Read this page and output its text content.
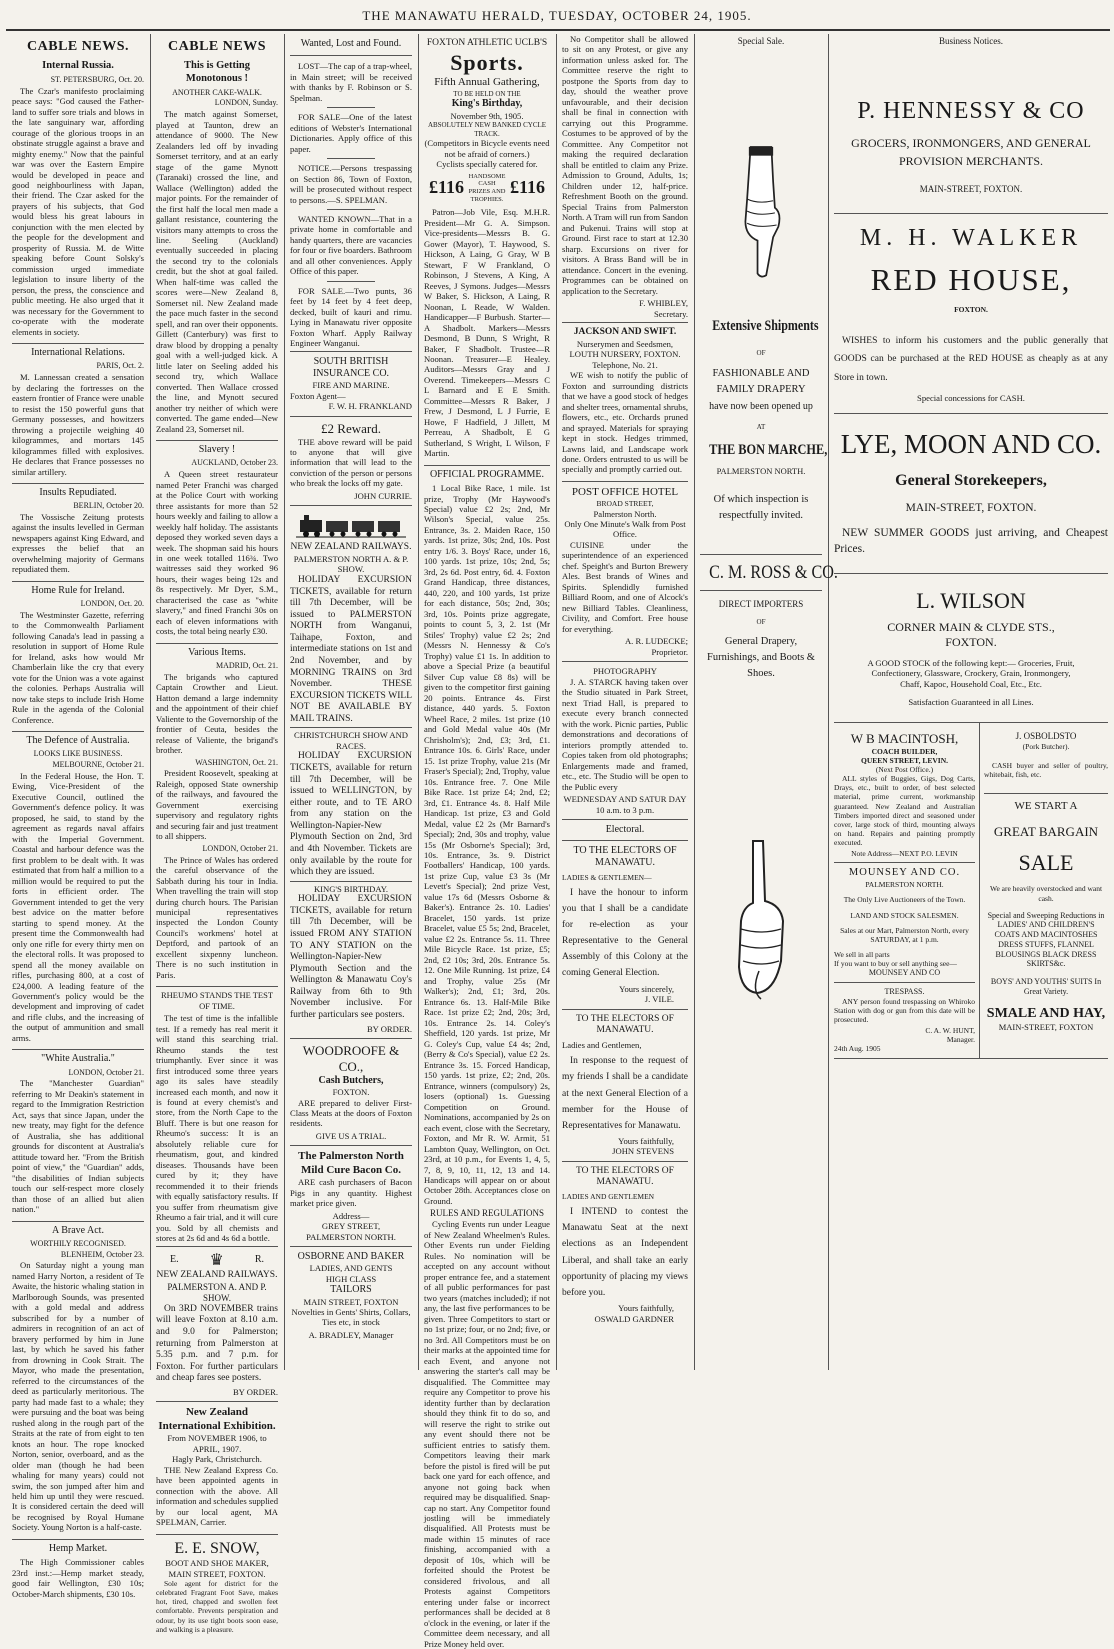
THE MANAWATU HERALD, TUESDAY, OCTOBER 24, 1905.
CABLE NEWS.
Internal Russia.
ST. PETERSBURG, Oct. 20.

The Czar's manifesto proclaiming peace says: "God caused the Father-land to suffer sore trials and blows in the late sanguinary war, affording courage of the glorious troops in an obstinate struggle against a brave and mighty enemy." Now that the painful war was over the Eastern Empire would be developed in peace and good neighbourliness with Japan, their friend. The Czar asked for the prayers of his subjects, that God would bless his great labours in conjunction with the men elected by the people for the development and prosperity of Russia. M. de Witte speaking before Count Solsky's commission urged immediate legislation to insure liberty of the person, the press, the conscience and public meeting. He also urged that it was necessary for the Government to co-operate with the moderate elements in society.

International Relations.
PARIS, Oct. 2.

M. Lannessan created a sensation by declaring the fortresses on the eastern frontier of France were unable to resist the 150 powerful guns that Germany possesses, and howitzers throwing a projectile weighing 40 kilogrammes, and mortars 145 kilogrammes filled with explosives. He declares that France possesses no similar artillery.

Insults Repudiated.
BERLIN, October 20.

The Vossische Zeitung protests against the insults levelled in German newspapers against King Edward, and expresses the belief that an overwhelming majority of Germans repudiated them.

Home Rule for Ireland.
LONDON, Oct. 20.

The Westminster Gazette, referring to the Commonwealth Parliament following Canada's lead in passing a resolution in support of Home Rule for Ireland, asks how would Mr Chamberlain like the cry that every vote for the Union was a vote against the colonies. Perhaps Australia will now take steps to include Irish Home Rule in the agenda of the Colonial Conference.

The Defence of Australia.
LOOKS LIKE BUSINESS.
MELBOURNE, October 21.

In the Federal House, the Hon. T. Ewing, Vice-President of the Executive Council, outlined the Government's defence policy. It was proposed, he said, to stand by the agreement as regards naval affairs with the Imperial Government. Coastal and harbour defence was the first problem to be dealt with. It was estimated that from half a million to a million would be required to put the forts in efficient order. The Government intended to get the very best advice on the matter before starting to spend money. At the present time the Commonwealth had only one rifle for every thirty men on the electoral rolls. It was proposed to spend all the money available on rifles, purchasing 800, at a cost of £24,000. A leading feature of the Government's policy would be the development and improving of cadet and rifle clubs, and the increasing of the output of ammunition and small arms.

"White Australia."
LONDON, October 21.

The "Manchester Guardian" referring to Mr Deakin's statement in regard to the Immigration Restriction Act, says that since Japan, under the new treaty, may fight for the defence of Australia, she has additional grounds for discontent at Australia's attitude toward her. "From the British point of view," the "Guardian" adds, "the disabilities of Indian subjects touch our self-respect more closely than those of an allied but alien nation."

A Brave Act.
WORTHILY RECOGNISED.
BLENHEIM, October 23.

On Saturday night a young man named Harry Norton, a resident of Te Awaite, the historic whaling station in Marlborough Sounds, was presented with a gold medal and address subscribed for by a number of admirers in recognition of an act of bravery performed by him in June last, by which he saved his father from drowning in Cook Strait. The Mayor, who made the presentation, referred to the circumstances of the deed as particularly meritorious. The party had made fast to a whale; they were pursuing and the boat was being rushed along in the rough part of the Straits at the rate of from eight to ten knots an hour. The rope knocked Norton, senior, overboard, and as the older man (though he had been whaling for many years) could not swim, the son jumped after him and held him up until they were rescued. It is considered certain the deed will be recognised by Royal Humane Society. Young Norton is a half-caste.

Hemp Market.

The High Commissioner cables 23rd inst.:—Hemp market steady, good fair Wellington, £30 10s; October-March shipments, £30 10s.

CABLE NEWS
This is Getting Monotonous !
ANOTHER CAKE-WALK.
LONDON, Sunday.

The match against Somerset, played at Taunton, drew an attendance of 9000. The New Zealanders led off by invading Somerset territory, and at an early stage of the game Mynott (Taranaki) crossed the line, and Wallace (Wellington) added the major points. For the remainder of the first half the local men made a gallant resistance, countering the visitors many attempts to cross the line. Seeling (Auckland) eventually succeeded in placing the second try to the colonials credit, but the shot at goal failed. When half-time was called the scores were—New Zealand 8, Somerset nil. New Zealand made the pace much faster in the second spell, and ran over their opponents. Gillett (Canterbury) was first to draw blood by dropping a penalty goal with a well-judged kick. A little later on Seeling added his second try, which Wallace converted. Then Wallace crossed the line, and Mynott secured another try neither of which were converted. The game ended—New Zealand 23, Somerset nil.

Slavery !
AUCKLAND, October 23.

A Queen street restaurateur named Peter Franchi was charged at the Police Court with working three assistants for more than 52 hours weekly and failing to allow a weekly half holiday. The assistants deposed they worked seven days a week. The shopman said his hours in one week totalled 116¾. Two waitresses said they worked 96 hours, their wages being 12s and 8s respectively. Mr Dyer, S.M., characterised the case as "white slavery," and fined Franchi 30s on each of eleven informations with costs, the total being nearly £30.

Various Items.
MADRID, Oct. 21.

The brigands who captured Captain Crowther and Lieut. Hatton demand a large indemnity and the appointment of their chief Valiente to the Governorship of the frontier of Ceuta, besides the release of Valiente, the brigand's brother.

WASHINGTON, Oct. 21.

President Roosevelt, speaking at Raleigh, opposed State ownership of the railways, and favoured the Government exercising supervisory and regulatory rights and securing fair and just treatment to all shippers.

LONDON, October 21.

The Prince of Wales has ordered the careful observance of the Sabbath during his tour in India. When travelling the train will stop during church hours. The Parisian municipal representatives inspected the London County Council's workmens' hotel at Deptford, and partook of an excellent sixpenny luncheon. There is no such institution in Paris.

RHEUMO STANDS THE TEST OF TIME.

The test of time is the infallible test. If a remedy has real merit it will stand this searching trial. Rheumo stands the test triumphantly. Ever since it was first introduced some three years ago its sales have steadily increased each month, and now it is found at every chemist's and store, from the North Cape to the Bluff. There is but one reason for Rheumo's success: It is an absolutely reliable cure for rheumatism, gout, and kindred diseases. Thousands have been cured by it; they have recommended it to their friends with equally satisfactory results. If you suffer from rheumatism give Rheumo a fair trial, and it will cure you. Sold by all chemists and stores at 2s 6d and 4s 6d a bottle.

E. ♛	R.
NEW ZEALAND RAILWAYS.
PALMERSTON A. AND P. SHOW.

On 3RD NOVEMBER trains will leave Foxton at 8.10 a.m. and 9.0 for Palmerston; returning from Palmerston at 5.35 p.m. and 7 p.m. for Foxton. For further particulars and cheap fares see posters.

BY ORDER.
New Zealand International Exhibition.
From NOVEMBER 1906, to APRIL, 1907.
Hagly Park, Christchurch.

THE New Zealand Express Co. have been appointed agents in connection with the above. All information and schedules supplied by our local agent, MA SPELMAN, Carrier.

E. E. SNOW,
BOOT AND SHOE MAKER,
MAIN STREET, FOXTON.

Sole agent for district for the celebrated Fragrant Foot Save, makes hot, tired, chapped and swollen feet comfortable. Prevents perspiration and odour, by its use tight boots soon ease, and walking is a pleasure.

Wanted, Lost and Found.

LOST—The cap of a trap-wheel, in Main street; will be received with thanks by F. Robinson or S. Spelman.

FOR SALE—One of the latest editions of Webster's International Dictionaries. Apply office of this paper.

NOTICE.—Persons trespassing on Section 86, Town of Foxton, will be prosecuted without respect to persons.—S. SPELMAN.

WANTED KNOWN—That in a private home in comfortable and handy quarters, there are vacancies for four or five boarders. Bathroom and all other conveniences. Apply Office of this paper.

FOR SALE.—Two punts, 36 feet by 14 feet by 4 feet deep, decked, built of kauri and rimu. Lying in Manawatu river opposite Foxton Wharf. Apply Railway Engineer Wanganui.

SOUTH BRITISH INSURANCE CO.
FIRE AND MARINE.
Foxton Agent—
F. W. H. FRANKLAND
£2 Reward.

THE above reward will be paid to anyone that will give information that will lead to the conviction of the person or persons who break the locks off my gate.

JOHN CURRIE.
NEW ZEALAND RAILWAYS.
PALMERSTON NORTH A. & P. SHOW.

HOLIDAY EXCURSION TICKETS, available for return till 7th December, will be issued to PALMERSTON NORTH from Wanganui, Taihape, Foxton, and intermediate stations on 1st and 2nd November, and by MORNING TRAINS on 3rd November. THESE EXCURSION TICKETS WILL NOT BE AVAILABLE BY MAIL TRAINS.

CHRISTCHURCH SHOW AND RACES.

HOLIDAY EXCURSION TICKETS, available for return till 7th December, will be issued to WELLINGTON, by either route, and to TE ARO from any station on the Wellington-Napier-New Plymouth Section on 2nd, 3rd and 4th November. Tickets are only available by the route for which they are issued.

KING'S BIRTHDAY.

HOLIDAY EXCURSION TICKETS, available for return till 7th December, will be issued FROM ANY STATION TO ANY STATION on the Wellington-Napier-New Plymouth Section and the Wellington & Manawatu Coy's Railway from 6th to 9th November inclusive. For further particulars see posters.

BY ORDER.
WOODROOFE & CO.,
Cash Butchers,
FOXTON.

ARE prepared to deliver First-Class Meats at the doors of Foxton residents.

GIVE US A TRIAL.
The Palmerston North Mild Cure Bacon Co.

ARE cash purchasers of Bacon Pigs in any quantity. Highest market price given.

Address—
GREY STREET,
PALMERSTON NORTH.
OSBORNE AND BAKER
LADIES, AND GENTS
HIGH CLASS
TAILORS
MAIN STREET, FOXTON

Novelties in Gents' Shirts, Collars, Ties etc, in stock

A. BRADLEY, Manager
FOXTON ATHLETIC UCLB'S
Sports.
Fifth Annual Gathering,
TO BE HELD ON THE
King's Birthday,
November 9th, 1905.
ABSOLUTELY NEW BANKED CYCLE TRACK.
(Competitors in Bicycle events need not be afraid of corners.)
Cyclists specially catered for.
£116
HANDSOME CASH PRIZES AND TROPHIES.
£116

Patron—Job Vile, Esq. M.H.R. President—Mr G. A. Simpson. Vice-presidents—Messrs B. G. Gower (Mayor), T. Haywood, S. Hickson, A Laing, G Gray, W B Stewart, F W Frankland, O Robinson, J Stevens, A King, A Reeves, J Symons. Judges—Messrs W Baker, S. Hickson, A Laing, R Noonan, L Reade, W Walden. Handicapper—F Burbush. Starter—A Shadbolt. Markers—Messrs Desmond, B Dunn, S Wright, R Baker, F Shadbolt. Trustee—R Noonan. Treasurer—E Healey. Auditors—Messrs Gray and J Overend. Timekeepers—Messrs C L Barnard and E E Smith. Committee—Messrs R Baker, J Frew, J Desmond, L J Furrie, E Howe, F Hadfield, J Jillett, M Perreau, A Shadbolt, E G Sutherland, S Wright, L Wilson, F Martin.

OFFICIAL PROGRAMME.

1 Local Bike Race, 1 mile. 1st prize, Trophy (Mr Haywood's Special) value £2 2s; 2nd, Mr Wilson's Special, value 25s. Entrance, 3s. 2. Maiden Race, 150 yards. 1st prize, 30s; 2nd, 10s. Post entry 1/6. 3. Boys' Race, under 16, 100 yards. 1st prize, 10s; 2nd, 5s; 3rd, 2s 6d. Post entry, 6d. 4. Foxton Grand Handicap, three distances, 440, 220, and 100 yards, 1st prize for each distance, 50s; 2nd, 30s; 3rd, 10s. Points prize aggregate, points to count 5, 3, 2. 1st (Mr Stiles' Trophy) value £2 2s; 2nd (Messrs N. Hennessy & Co's Trophy) value £1 1s. In addition to above a Special Prize (a beautiful Silver Cup value £8 8s) will be given to the competitor first gaining 20 points. Entrance 4s. First distance, 440 yards. 5. Foxton Wheel Race, 2 miles. 1st prize (10 and Gold Medal value 40s (Mr Chrisholm's); 2nd, £3; 3rd, £1. Entrance 10s. 6. Girls' Race, under 15. 1st prize Trophy, value 21s (Mr Fraser's Special); 2nd, Trophy, value 10s. Entrance free. 7. One Mile Bike Race. 1st prize £4; 2nd, £2; 3rd, £1. Entrance 4s. 8. Half Mile Handicap. 1st prize, £3 and Gold Medal, value £2 2s (Mr Barnard's Special); 2nd, 30s and trophy, value 15s (Mr Osborne's Special); 3rd, 10s. Entrance, 3s. 9. District Footballers' Handicap, 100 yards. 1st prize Cup, value £3 3s (Mr Levett's Special); 2nd prize Vest, value 17s 6d (Messrs Osborne & Baker's). Entrance 2s. 10. Ladies' Bracelet, 150 yards. 1st prize Bracelet, value £5 5s; 2nd, Bracelet, value £2 2s. Entrance 5s. 11. Three Mile Bicycle Race. 1st prize, £5; 2nd, £2 10s; 3rd, 20s. Entrance 5s. 12. One Mile Running. 1st prize, £4 and Trophy, value 25s (Mr Walker's); 2nd, £1; 3rd, 20s. Entrance 6s. 13. Half-Mile Bike Race. 1st prize £2; 2nd, 20s; 3rd, 10s. Entrance 2s. 14. Coley's Sheffield, 120 yards. 1st prize, Mr G. Coley's Cup, value £4 4s; 2nd, (Berry & Co's Special), value £2 2s. Entrance 3s. 15. Forced Handicap, 150 yards. 1st prize, £2; 2nd, 20s. Entrance, winners (compulsory) 2s, losers (optional) 1s. Guessing Competition on Ground. Nominations, accompanied by 2s on each event, close with the Secretary, Foxton, and Mr R. W. Armit, 51 Lambton Quay, Wellington, on Oct. 23rd, at 10 p.m., for Events 1, 4, 5, 7, 8, 9, 10, 11, 12, 13 and 14. Handicaps will appear on or about October 28th. Acceptances close on Ground.

RULES AND REGULATIONS

Cycling Events run under League of New Zealand Wheelmen's Rules. Other Events run under Fielding Rules. No nomination will be accepted on any account without proper entrance fee, and a statement of all public performances for past two years (matches included); if not any, the last five performances to be given. Three Competitors to start or no 1st prize; four, or no 2nd; five, or no 3rd. All Competitors must be on their marks at the appointed time for each Event, and anyone not answering the starter's call may be disqualified. The Committee may require any Competitor to prove his identity further than by declaration should they think fit to do so, and will reserve the right to strike out any event should there not be sufficient entries to satisfy them. Competitors leaving their mark before the pistol is fired will be put back one yard for each offence, and anyone not going back when required may be disqualified. Snap-cap no start. Any Competitor found jostling will be immediately disqualified. All Protests must be made within 15 minutes of race finishing, accompanied with a deposit of 10s, which will be forfeited should the Protest be considered frivolous, and all Protests against Competitors entering under false or incorrect performances shall be decided at 8 o'clock in the evening, or later if the Committee deem necessary, and all Prize Money held over.

No Competitor shall be allowed to sit on any Protest, or give any information unless asked for. The Committee reserve the right to postpone the Sports from day to day, should the weather prove unfavourable, and their decision shall be final in connection with carrying out this Programme. Costumes to be approved of by the Committee. Any Competitor not making the required declaration shall be entitled to claim any Prize. Admission to Ground, Adults, 1s; Children under 12, half-price. Refreshment Booth on the ground. Special Trains from Palmerston North. A Tram will run from Sandon and Pukenui. Trains will stop at Ground. First race to start at 12.30 sharp. Excursions on river for visitors. A Brass Band will be in attendance. Concert in the evening. Programmes can be obtained on application to the Secretary.

F. WHIBLEY,
Secretary.
JACKSON AND SWIFT.
Nurserymen and Seedsmen,
LOUTH NURSERY, FOXTON.
Telephone, No. 21.

WE wish to notify the public of Foxton and surrounding districts that we have a good stock of hedges and shelter trees, ornamental shrubs, flowers, etc., etc. Orchards pruned and sprayed. Materials for spraying kept in stock. Hedges trimmed, Lawns laid, and Landscape work done. Orders entrusted to us will be specially and promptly carried out.

POST OFFICE HOTEL
BROAD STREET,
Palmerston North.
Only One Minute's Walk from Post Office.

CUISINE under the superintendence of an experienced chef. Speight's and Burton Brewery Ales. Best brands of Wines and Spirits. Splendidly furnished Billiard Room, and one of Alcock's new Billiard Tables. Cleanliness, Civility, and Comfort. Free house for everything.

A. R. LUDECKE;
Proprietor.
PHOTOGRAPHY

J. A. STARCK having taken over the Studio situated in Park Street, next Triad Hall, is prepared to execute every branch connected with the work. Picnic parties, Public demonstrations and decorations of interiors promptly attended to. Copies taken from old photographs; Enlargements made and framed, etc., etc. The Studio will be open to the Public every

WEDNESDAY AND SATUR DAY
10 a.m. to 3 p.m.
Electoral.
TO THE ELECTORS OF MANAWATU.
LADIES & GENTLEMEN—

I have the honour to inform you that I shall be a candidate for re-election as your Representative to the General Assembly of this Colony at the coming General Election.

Yours sincerely,
J. VILE.
TO THE ELECTORS OF MANAWATU.
Ladies and Gentlemen,

In response to the request of my friends I shall be a candidate at the next General Election of a member for the House of Representatives for Manawatu.

Yours faithfully,
JOHN STEVENS
TO THE ELECTORS OF MANAWATU.
LADIES AND GENTLEMEN

I INTEND to contest the Manawatu Seat at the next elections as an Independent Liberal, and shall take an early opportunity of placing my views before you.

Yours faithfully,
OSWALD GARDNER
Special Sale.
Extensive Shipments
OF
FASHIONABLE AND FAMILY DRAPERY
have now been opened up
AT
THE BON MARCHE,
PALMERSTON NORTH.
Of which inspection is respectfully invited.
C. M. ROSS & CO.
DIRECT IMPORTERS
OF
General Drapery, Furnishings, and Boots & Shoes.
Business Notices.
P. HENNESSY & CO
GROCERS, IRONMONGERS, AND GENERAL PROVISION MERCHANTS.
MAIN-STREET, FOXTON.
M. H. WALKER
RED HOUSE,
FOXTON.

WISHES to inform his customers and the public generally that GOODS can be purchased at the RED HOUSE as cheaply as at any Store in town.

Special concessions for CASH.
LYE, MOON AND CO.
General Storekeepers,
MAIN-STREET, FOXTON.

NEW SUMMER GOODS just arriving, and Cheapest Prices.

L. WILSON
CORNER MAIN & CLYDE STS.,
FOXTON.

A GOOD STOCK of the following kept:— Groceries, Fruit, Confectionery, Glassware, Crockery, Grain, Ironmongery, Chaff, Kapoc, Household Coal, Etc., Etc.

Satisfaction Guaranteed in all Lines.
W B MACINTOSH,
COACH BUILDER,
QUEEN STREET, LEVIN.
(Next Post Office.)

ALL styles of Buggies, Gigs, Dog Carts, Drays, etc., built to order, of best selected material, prime current, workmanship guaranteed. New Zealand and Australian Timbers imported direct and seasoned under cover, large stock of third, mounting always on hand. Repairs and painting promptly executed.

Note Address—NEXT P.O. LEVIN
MOUNSEY AND CO.
PALMERSTON NORTH.
The Only Live Auctioneers of the Town.
LAND AND STOCK SALESMEN.
Sales at our Mart, Palmerston North, every
SATURDAY, at 1 p.m.
We sell in all parts
If you want to buy or sell anything see—
MOUNSEY AND CO
TRESPASS.

ANY person found trespassing on Whiroko Station with dog or gun from this date will be prosecuted.

C. A. W. HUNT,
Manager.
24th Aug. 1905
J. OSBOLDSTO
(Pork Butcher).

CASH buyer and seller of poultry, whitebait, fish, etc.

WE START A
GREAT BARGAIN
SALE
We are heavily overstocked and want cash.
Special and Sweeping Reductions in LADIES' AND CHILDREN'S COATS AND MACINTOSHES DRESS STUFFS, FLANNEL BLOUSINGS BLACK DRESS SKIRTS&c.
BOYS' AND YOUTHS' SUITS In Great Variety.
SMALE AND HAY,
MAIN-STREET, FOXTON
